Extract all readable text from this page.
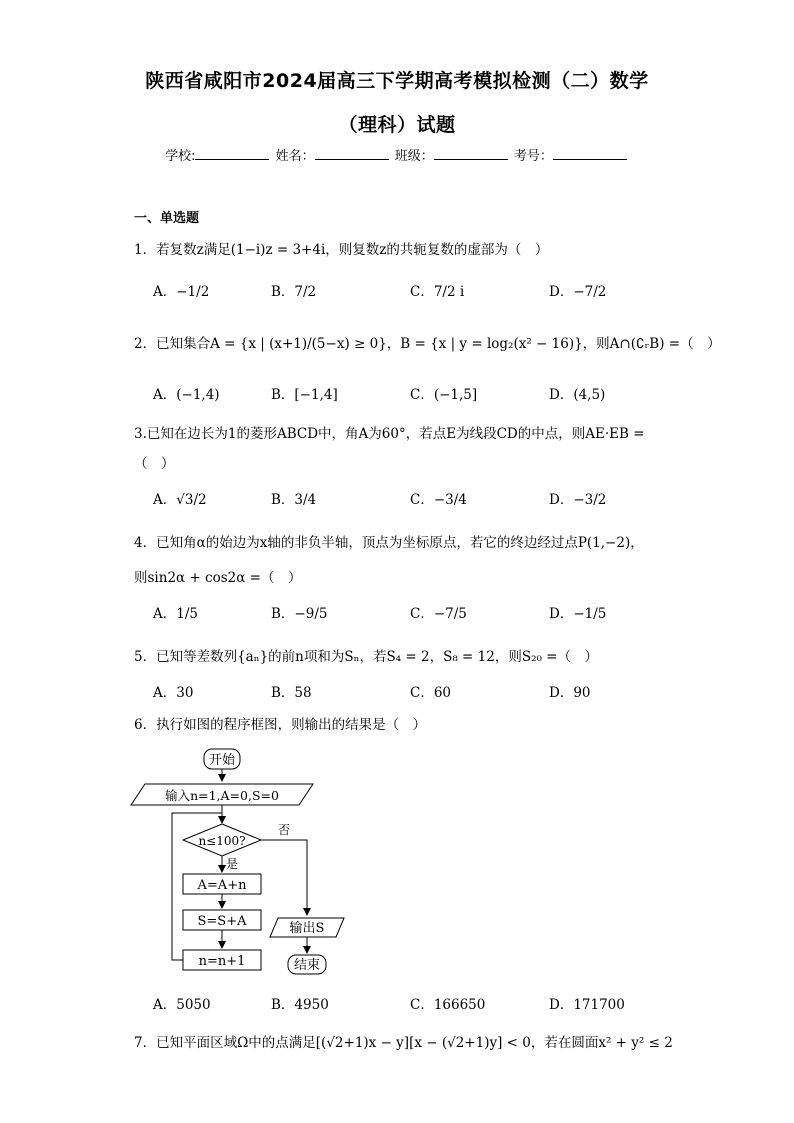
陕西省咸阳市2024届高三下学期高考模拟检测（二）数学
（理科）试题
学校:	姓名：	班级：	考号：
一、单选题
1．若复数z满足(1−i)z = 3+4i，则复数z的共轭复数的虚部为（　）
A．−1/2	B．7/2	C．7/2 i	D．−7/2
2．已知集合A = {x | (x+1)/(5−x) ≥ 0}，B = {x | y = log₂(x² − 16)}，则A∩(∁ᵣB) =（　）
A．(−1,4)	B．[−1,4]	C．(−1,5]	D．(4,5)
3.已知在边长为1的菱形ABCD中，角A为60°，若点E为线段CD的中点，则AE·EB =
（　）
A．√3/2	B．3/4	C．−3/4	D．−3/2
4．已知角α的始边为x轴的非负半轴，顶点为坐标原点，若它的终边经过点P(1,−2)，
则sin2α + cos2α =（　）
A．1/5	B．−9/5	C．−7/5	D．−1/5
5．已知等差数列{aₙ}的前n项和为Sₙ，若S₄ = 2，S₈ = 12，则S₂₀ =（　）
A．30	B．58	C．60	D．90
6．执行如图的程序框图，则输出的结果是（　）
开始
输入n=1,A=0,S=0
n≤100?
否
是
A=A+n
S=S+A
n=n+1
输出S
结束
A．5050	B．4950	C．166650	D．171700
7．已知平面区域Ω中的点满足[(√2+1)x − y][x − (√2+1)y] < 0，若在圆面x² + y² ≤ 2
